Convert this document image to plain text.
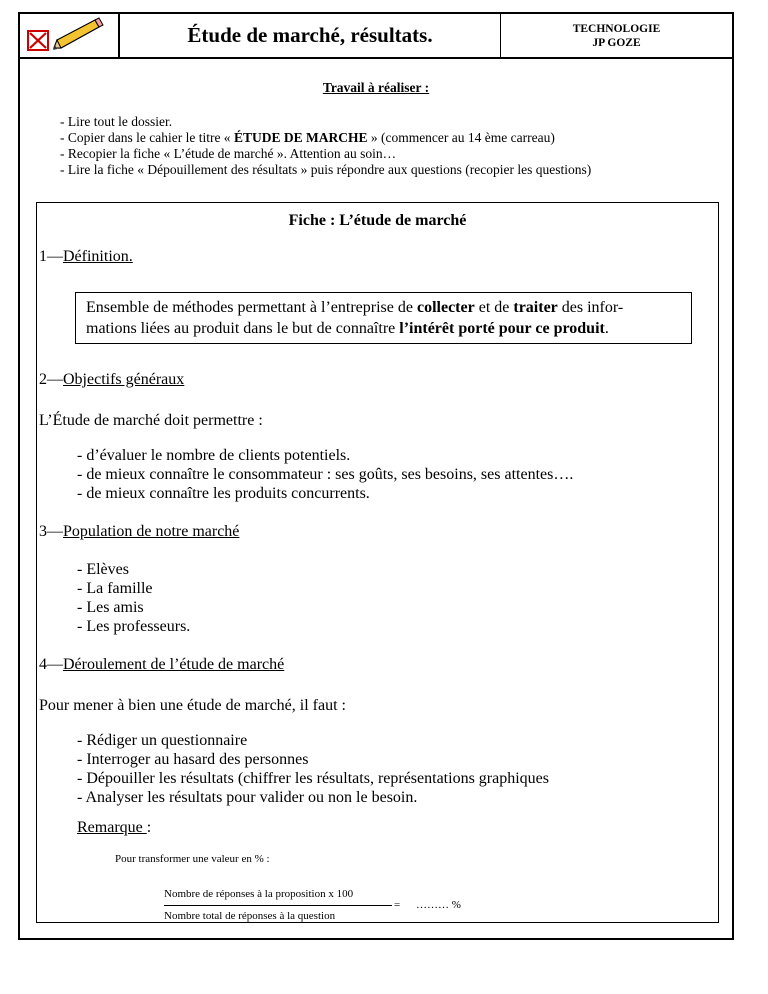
Étude de marché, résultats.	TECHNOLOGIE
JP GOZE
Travail à réaliser :
- Lire tout le dossier.
- Copier dans le cahier le titre « ÉTUDE DE MARCHE » (commencer au 14 ème carreau)
- Recopier la fiche « L’étude de marché ». Attention au soin…
- Lire la fiche « Dépouillement des résultats » puis répondre aux questions (recopier les questions)
Fiche : L’étude de marché
1—Définition.
Ensemble de méthodes permettant à l’entreprise de collecter et de traiter des infor-
mations liées au produit dans le but de connaître l’intérêt porté pour ce produit.
2—Objectifs généraux
L’Étude de marché doit permettre :
- d’évaluer le nombre de clients potentiels.
- de mieux connaître le consommateur : ses goûts, ses besoins, ses attentes….
- de mieux connaître les produits concurrents.
3—Population de notre marché
- Elèves
- La famille
- Les amis
- Les professeurs.
4—Déroulement de l’étude de marché
Pour mener à bien une étude de marché, il faut :
- Rédiger un questionnaire
- Interroger au hasard des personnes
- Dépouiller les résultats (chiffrer les résultats, représentations graphiques
- Analyser les résultats pour valider ou non le besoin.
Remarque :
Pour transformer une valeur en % :
Nombre de réponses à la proposition x 100
= ……… %
Nombre total de réponses à la question
